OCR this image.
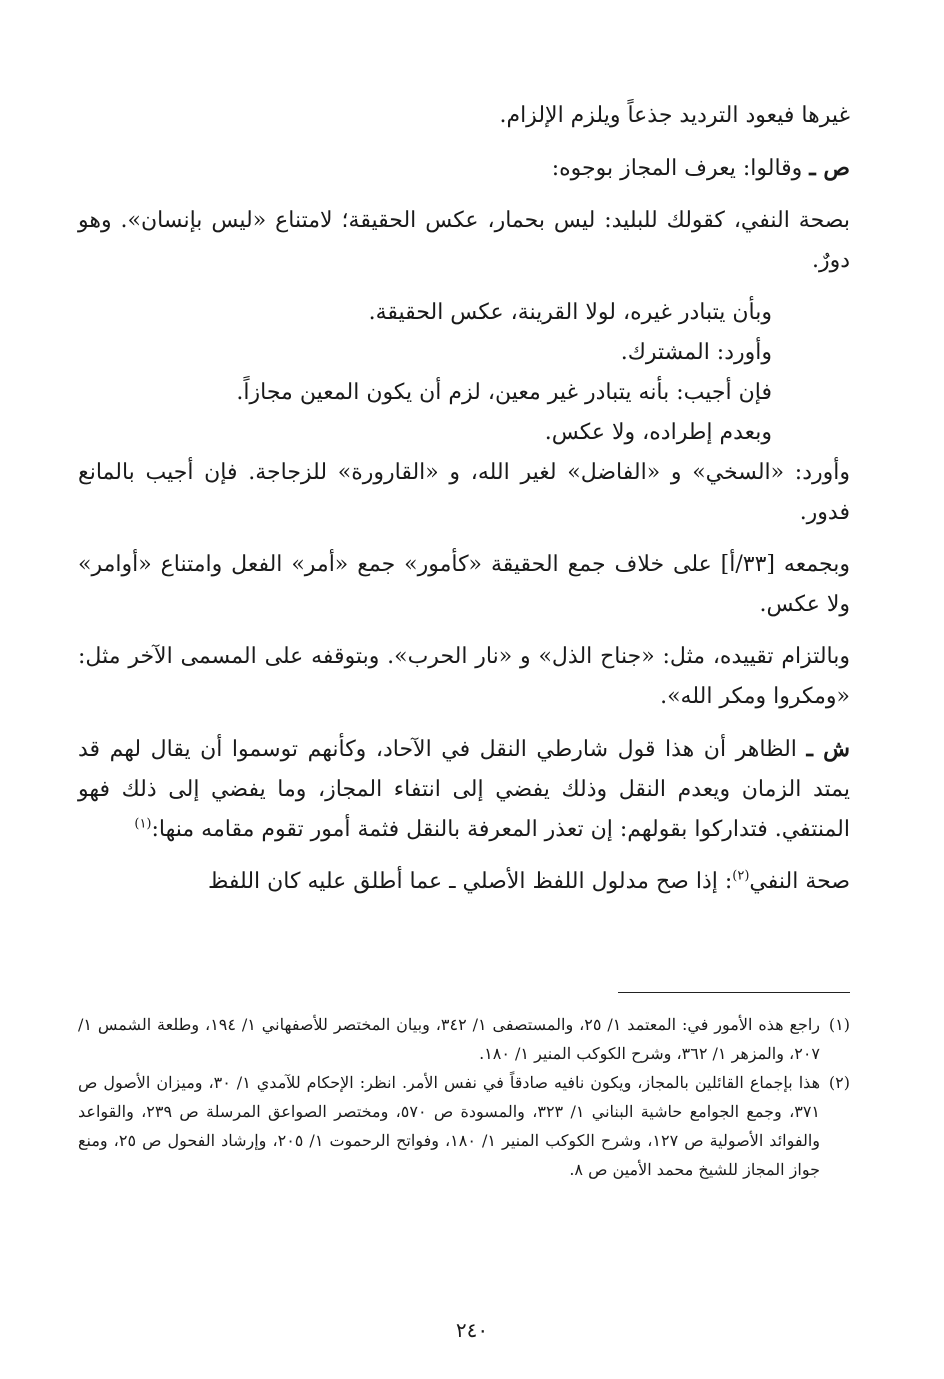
غيرها فيعود الترديد جذعاً ويلزم الإلزام.

ص ـ وقالوا: يعرف المجاز بوجوه:

بصحة النفي، كقولك للبليد: ليس بحمار، عكس الحقيقة؛ لامتناع «ليس بإنسان». وهو دورٌ.

وبأن يتبادر غيره، لولا القرينة، عكس الحقيقة.

وأورد: المشترك.

فإن أجيب: بأنه يتبادر غير معين، لزم أن يكون المعين مجازاً.

وبعدم إطراده، ولا عكس.

وأورد: «السخي» و «الفاضل» لغير الله، و «القارورة» للزجاجة. فإن أجيب بالمانع فدور.

وبجمعه [٣٣/أ] على خلاف جمع الحقيقة «كأمور» جمع «أمر» الفعل وامتناع «أوامر» ولا عكس.

وبالتزام تقييده، مثل: «جناح الذل» و «نار الحرب». وبتوقفه على المسمى الآخر مثل: «ومكروا ومكر الله».

ش ـ الظاهر أن هذا قول شارطي النقل في الآحاد، وكأنهم توسموا أن يقال لهم قد يمتد الزمان ويعدم النقل وذلك يفضي إلى انتفاء المجاز، وما يفضي إلى ذلك فهو المنتفي. فتداركوا بقولهم: إن تعذر المعرفة بالنقل فثمة أمور تقوم مقامه منها:$^{(١)}$

صحة النفي$^{(٢)}$: إذا صح مدلول اللفظ الأصلي ـ عما أطلق عليه كان اللفظ

(١)
راجع هذه الأمور في: المعتمد ١/ ٢٥، والمستصفى ١/ ٣٤٢، وبيان المختصر للأصفهاني ١/ ١٩٤، وطلعة الشمس ١/ ٢٠٧، والمزهر ١/ ٣٦٢، وشرح الكوكب المنير ١/ ١٨٠.
(٢)
هذا بإجماع القائلين بالمجاز، ويكون نافيه صادقاً في نفس الأمر. انظر: الإحكام للآمدي ١/ ٣٠، وميزان الأصول ص ٣٧١، وجمع الجوامع حاشية البناني ١/ ٣٢٣، والمسودة ص ٥٧٠، ومختصر الصواعق المرسلة ص ٢٣٩، والقواعد والفوائد الأصولية ص ١٢٧، وشرح الكوكب المنير ١/ ١٨٠، وفواتح الرحموت ١/ ٢٠٥، وإرشاد الفحول ص ٢٥، ومنع جواز المجاز للشيخ محمد الأمين ص ٨.
٢٤٠
